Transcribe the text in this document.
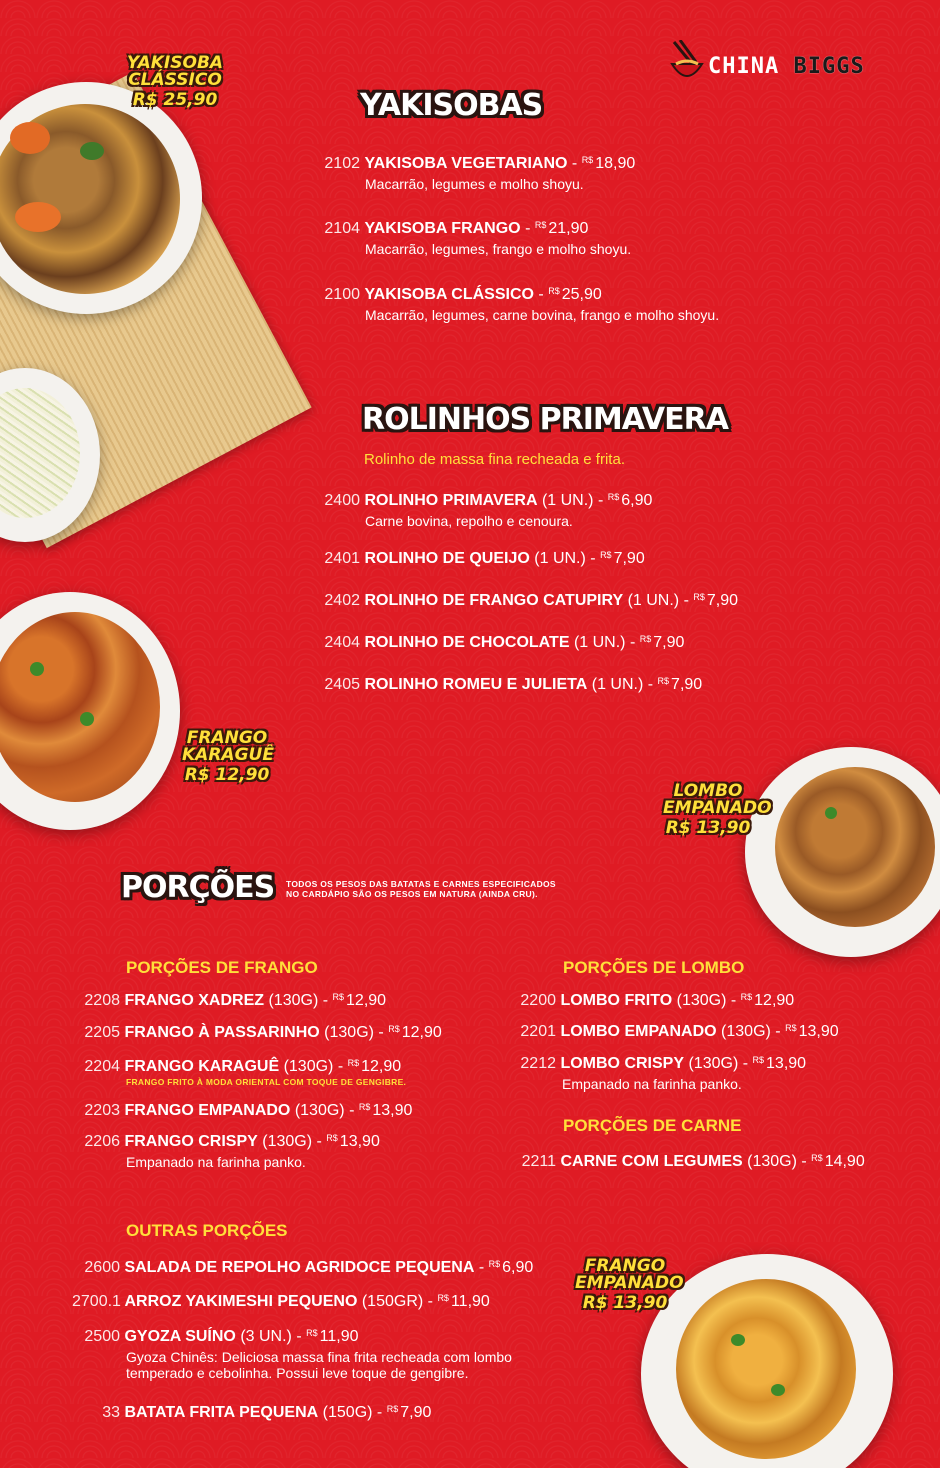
YAKISOBA CLÁSSICO
R$ 25,90
FRANGO KARAGUÊ
R$ 12,90
LOMBO EMPANADO
R$ 13,90
FRANGO EMPANADO
R$ 13,90
CHINA BIGGS
YAKISOBAS
2102 YAKISOBA VEGETARIANO - $^{R\$}$ 18,90
Macarrão, legumes e molho shoyu.
2104 YAKISOBA FRANGO - $^{R\$}$ 21,90
Macarrão, legumes, frango e molho shoyu.
2100 YAKISOBA CLÁSSICO - $^{R\$}$ 25,90
Macarrão, legumes, carne bovina, frango e molho shoyu.
ROLINHOS PRIMAVERA
Rolinho de massa fina recheada e frita.
2400 ROLINHO PRIMAVERA (1 UN.) - $^{R\$}$ 6,90
Carne bovina, repolho e cenoura.
2401 ROLINHO DE QUEIJO (1 UN.) - $^{R\$}$ 7,90
2402 ROLINHO DE FRANGO CATUPIRY (1 UN.) - $^{R\$}$ 7,90
2404 ROLINHO DE CHOCOLATE (1 UN.) - $^{R\$}$ 7,90
2405 ROLINHO ROMEU E JULIETA (1 UN.) - $^{R\$}$ 7,90
PORÇÕES TODOS OS PESOS DAS BATATAS E CARNES ESPECIFICADOS
NO CARDÁPIO SÃO OS PESOS EM NATURA (AINDA CRU).
PORÇÕES DE FRANGO
2208 FRANGO XADREZ (130G) - $^{R\$}$ 12,90
2205 FRANGO À PASSARINHO (130G) - $^{R\$}$ 12,90
2204 FRANGO KARAGUÊ (130G) - $^{R\$}$ 12,90
FRANGO FRITO À MODA ORIENTAL COM TOQUE DE GENGIBRE.
2203 FRANGO EMPANADO (130G) - $^{R\$}$ 13,90
2206 FRANGO CRISPY (130G) - $^{R\$}$ 13,90
Empanado na farinha panko.
PORÇÕES DE LOMBO
2200 LOMBO FRITO (130G) - $^{R\$}$ 12,90
2201 LOMBO EMPANADO (130G) - $^{R\$}$ 13,90
2212 LOMBO CRISPY (130G) - $^{R\$}$ 13,90
Empanado na farinha panko.
PORÇÕES DE CARNE
2211 CARNE COM LEGUMES (130G) - $^{R\$}$ 14,90
OUTRAS PORÇÕES
2600 SALADA DE REPOLHO AGRIDOCE PEQUENA - $^{R\$}$ 6,90
2700.1 ARROZ YAKIMESHI PEQUENO (150GR) - $^{R\$}$ 11,90
2500 GYOZA SUÍNO (3 UN.) - $^{R\$}$ 11,90
Gyoza Chinês: Deliciosa massa fina frita recheada com lombo
temperado e cebolinha. Possui leve toque de gengibre.
33 BATATA FRITA PEQUENA (150G) - $^{R\$}$ 7,90
